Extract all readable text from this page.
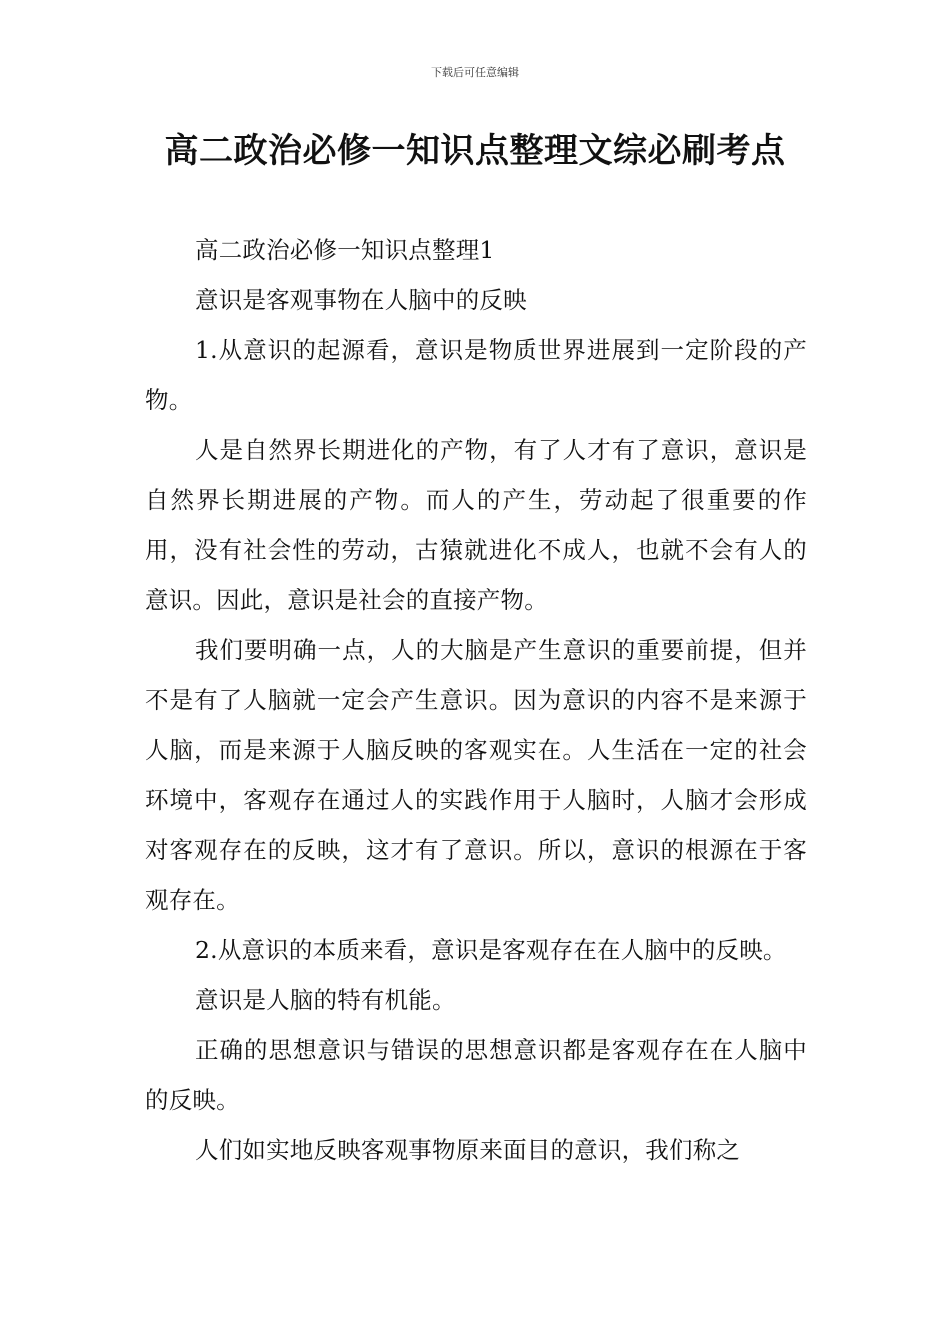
下载后可任意编辑
高二政治必修一知识点整理文综必刷考点

高二政治必修一知识点整理1

意识是客观事物在人脑中的反映

1.从意识的起源看，意识是物质世界进展到一定阶段的产物。

人是自然界长期进化的产物，有了人才有了意识，意识是自然界长期进展的产物。而人的产生，劳动起了很重要的作用，没有社会性的劳动，古猿就进化不成人，也就不会有人的意识。因此，意识是社会的直接产物。

我们要明确一点，人的大脑是产生意识的重要前提，但并不是有了人脑就一定会产生意识。因为意识的内容不是来源于人脑，而是来源于人脑反映的客观实在。人生活在一定的社会环境中，客观存在通过人的实践作用于人脑时，人脑才会形成对客观存在的反映，这才有了意识。所以，意识的根源在于客观存在。

2.从意识的本质来看，意识是客观存在在人脑中的反映。

意识是人脑的特有机能。

正确的思想意识与错误的思想意识都是客观存在在人脑中的反映。

人们如实地反映客观事物原来面目的意识，我们称之
